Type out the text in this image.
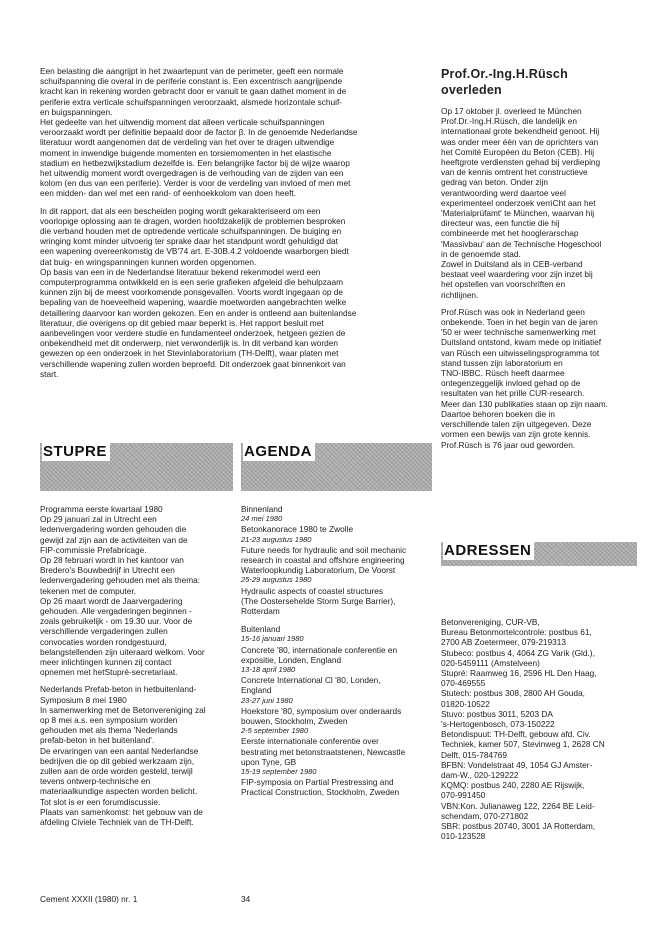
Een belasting die aangrijpt in het zwaartepunt van de perimeter, geeft een normale
schuifspanning die overal in de periferie constant is. Een excentrisch aangrijpende
kracht kan in rekening worden gebracht door er vanuit te gaan dathet moment in de
periferie extra verticale schuifspanningen veroorzaakt, alsmede horizontale schuif-
en buigspanningen.
Het gedeelte van het uitwendig moment dat alleen verticale schuifspanningen
veroorzaakt wordt per definitie bepaald door de factor β. In de genoemde Nederlandse
literatuur wordt aangenomen dat de verdeling van het over te dragen uitwendige
moment in inwendige buigende momenten en torsiemomenten in het elastische
stadium en hetbezwijkstadium dezelfde is. Een belangrijke factor bij de wijze waarop
het uitwendig moment wordt overgedragen is de verhouding van de zijden van een
kolom (en dus van een periferie). Verder is voor de verdeling van invloed of men met
een midden- dan wel met een rand- of eenhoekkolom van doen heeft.

In dit rapport, dat als een bescheiden poging wordt gekarakteriseerd om een
voorlopige oplossing aan te dragen, worden hoofdzakelijk de problemen besproken
die verband houden met de optredende verticale schuifspanningen. De buiging en
wringing komt minder uitvoerig ter sprake daar het standpunt wordt gehuldigd dat
een wapening overeenkomstig de VB'74 art. E-30B.4.2 voldoende waarborgen biedt
dat buig- en wringspanningen kunnen worden opgenomen.
Op basis van een in de Nederlandse literatuur bekend rekenmodel werd een
computerprogramma ontwikkeld en is een serie grafieken afgeleid die behulpzaam
kunnen zijn bij de meest voorkomende ponsgevallen. Voorts wordt ingegaan op de
bepaling van de hoeveelheid wapening, waardie moetworden aangebrachten welke
detaillering daarvoor kan worden gekozen. Een en ander is ontleend aan buitenlandse
literatuur, die overigens op dit gebied maar beperkt is. Het rapport besluit met
aanbevelingen voor verdere studie en fundamenteel onderzoek, hetgeen gezien de
onbekendheid met dit onderwerp, niet verwonderlijk is. In dit verband kan worden
gewezen op een onderzoek in het Stevinlaboratorium (TH-Delft), waar platen met
verschillende wapening zullen worden beproefd. Dit onderzoek gaat binnenkort van
start.

Prof.Or.-Ing.H.Rüsch
overleden

Op 17 oktober jl. overleed te München
Prof.Dr.-Ing.H.Rüsch, die landelijk en
internationaal grote bekendheid genoot. Hij
was onder meer één van de oprichters van
het Comité Européen du Beton (CEB). Hij
heeftgrote verdiensten gehad bij verdieping
van de kennis omtrent het constructieve
gedrag van beton. Onder zijn
verantwoording werd daartoe veel
experimenteel onderzoek verriCht aan het
'Materialprüfamt' te München, waarvan hij
directeur was, een functie die hij
combineerde met het hooglerarschap
'Massivbau' aan de Technische Hogeschool
in de genoemde stad.
Zowel in Duitsland als in CEB-verband
bestaat veel waardering voor zijn inzet bij
het opstellen van voorschriften en
richtlijnen.

Prof.Rüsch was ook in Nederland geen
onbekende. Toen in het begin van de jaren
'50 er weer technische samenwerking met
Duitsland ontstond, kwam mede op initiatief
van Rüsch een uitwisselingsprogramma tot
stand tussen zijn laboratorium en
TNO-IBBC. Rüsch heeft daarmee
ontegenzeggelijk invloed gehad op de
resultaten van het prille CUR-research.
Meer dan 130 publikaties staan op zijn naam.
Daartoe behoren boeken die in
verschillende talen zijn uitgegeven. Deze
vormen een bewijs van zijn grote kennis.
Prof.Rüsch is 76 jaar oud geworden.

STUPRE	AGENDA
ADRESSEN

Programma eerste kwartaal 1980
Op 29 januari zal in Utrecht een
ledenvergadering worden gehouden die
gewijd zal zijn aan de activiteiten van de
FIP-commissie Prefabricage.
Op 28 februari wordt in het kantoor van
Bredero's Bouwbedrijf in Utrecht een
ledenvergadering gehouden met als thema:
tekenen met de computer.
Op 26 maart wordt de Jaarvergadering
gehouden. Alle vergaderingen beginnen -
zoals gebruikelijk - om 19.30 uur. Voor de
verschillende vergaderingen zullen
convocaties worden rondgestuurd,
belangstellenden zijn uiteraard welkom. Voor
meer inlichtingen kunnen zij contact
opnemen met hetStupré-secretariaat.

Nederlands Prefab-beton in hetbuitenland-
Symposium 8 mei 1980
In samenwerking met de Betonvereniging zal
op 8 mei a.s. een symposium worden
gehouden met als thema 'Nederlands
prefab-beton in het buitenland'.
De ervaringen van een aantal Nederlandse
bedrijven die op dit gebied werkzaam zijn,
zullen aan de orde worden gesteld, terwijl
tevens ontwerp-technische en
materiaalkundige aspecten worden belicht.
Tot slot is er een forumdiscussie.
Plaats van samenkomst: het gebouw van de
afdeling Civiele Techniek van de TH-Delft.

Binnenland
24 mei 1980
Betonkanorace 1980 te Zwolle
21-23 augustus 1980
Future needs for hydraulic and soil mechanic
research in coastal and offshore engineering
Waterloopkundig Laboratorium, De Voorst
25-29 augustus 1980
Hydraulic aspects of coastel structures
(The Oostersehelde Storm Surge Barrier),
Rotterdam
Buitenland
15-16 januari 1980
Concrete '80, internationale conferentie en
expositie, Londen, England
13-18 april 1980
Concrete International Cl '80, Londen,
England
23-27 juni 1980
Hoekstore '80, symposium over onderaards
bouwen, Stockholm, Zweden
2-5 september 1980
Eerste internationale conferentie over
bestrating met betonstraatstenen, Newcastle
upon Tyne, GB
15-19 september 1980
FIP-symposia on Partial Prestressing and
Practical Construction, Stockholm, Zweden
Betonvereniging, CUR-VB,
Bureau Betonmortelcontrole: postbus 61,
2700 AB Zoetermeer, 079-219313
Stubeco: postbus 4, 4064 ZG Varik (Gld.),
020-5459111 (Amstelveen)
Stupré: Raamweg 16, 2596 HL Den Haag,
070-469555
Stutech: postbus 308, 2800 AH Gouda,
01820-10522
Stuvo: postbus 3011, 5203 DA
's-Hertogenbosch, 073-150222
Betondispuut: TH-Delft, gebouw afd. Civ.
Techniek, kamer 507, Stevinweg 1, 2628 CN
Delft, 015-784769
BFBN: Vondelstraat 49, 1054 GJ Amster-
dam-W., 020-129222
KQMQ: postbus 240, 2280 AE Rijswijk,
070-991450
VBN:Kon. Julianaweg 122, 2264 BE Leid-
schendam, 070-271802
SBR: postbus 20740, 3001 JA Rotterdam,
010-123528
Cement XXXII (1980) nr. 1	34
